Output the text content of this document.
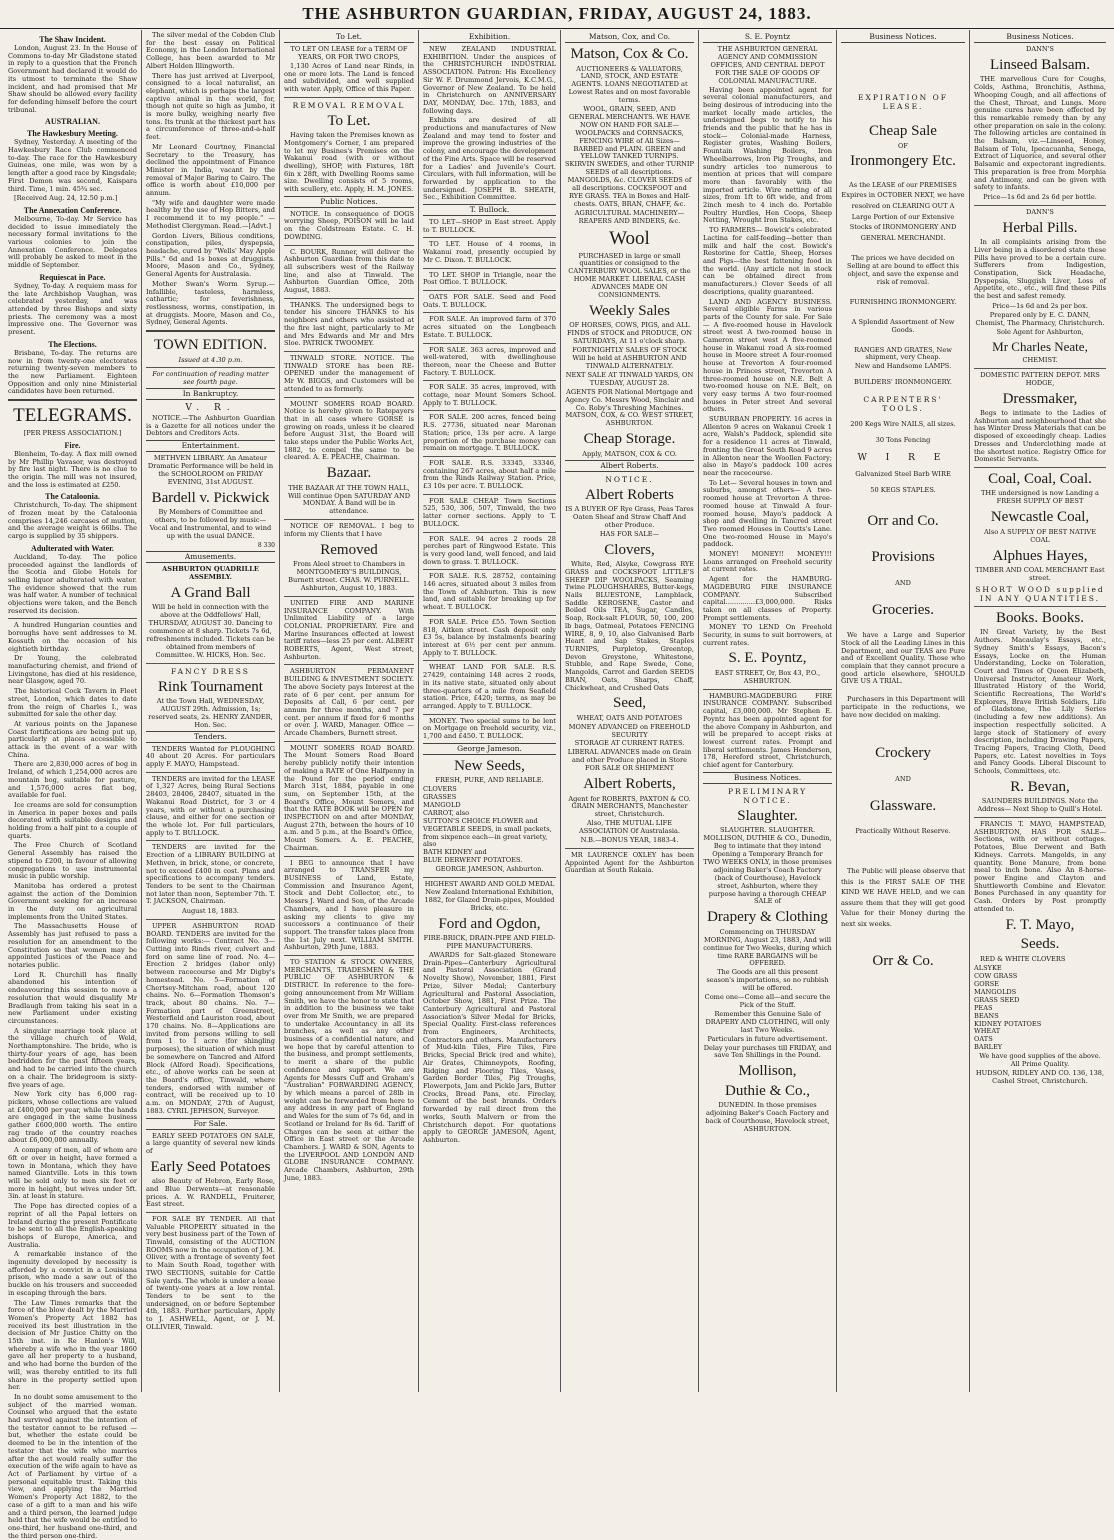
THE ASHBURTON GUARDIAN, FRIDAY, AUGUST 24, 1883.
The Shaw Incident.

London, August 23. In the House of Commons to-day Mr Gladstone stated in reply to a question that the French Government had declared it would do its utmost to terminate the Shaw incident, and had promised that Mr Shaw should be allowed every facility for defending himself before the court tribunal.

AUSTRALIAN.
The Hawkesbury Meeting.

Sydney, Yesterday. A meeting of the Hawkesbury Race Club commenced to-day. The race for the Hawkesbury Guineas, one mile, was won by a length after a good race by Kingsdale; First Demon was second, Kaispara third. Time, 1 min. 45¾ sec.

[Received Aug. 24, 12.50 p.m.]

The Annexation Conference.

Melbourne, To-day. Mr Service has decided to issue immediately the necessary formal invitations to the various colonies to join the Annexation Conference. Delegates will probably be asked to meet in the middle of September.

Requiescat in Pace.

Sydney, To-day. A requiem mass for the late Archbishop Vaughan, was celebrated yesterday, and was attended by three Bishops and sixty priests. The ceremony was a most impressive one. The Governor was present.

The Elections.

Brisbane, To-day. The returns are now in from twenty-one electorates returning twenty-seven members to the new Parliament. Eighteen Opposition and only nine Ministerial candidates have been returned.

TELEGRAMS.

[PER PRESS ASSOCIATION.]

Fire.

Blenheim, To-day. A flax mill owned by Mr Phillip Vavasor, was destroyed by fire last night. There is no clue to the origin. The mill was not insured, and the loss is estimated at £250.

The Cataloonia.

Christchurch, To-day. The shipment of frozen meat by the Cataloonia comprises 14,246 carcases of mutton, and the average weight is 66lbs. The cargo is supplied by 35 shippers.

Adulterated with Water.

Auckland, To-day. The police proceeded against the landlords of the Scotia and Globe Hotels for selling liquor adulterated with water. The evidence showed that the rum was half water. A number of technical objections were taken, and the Bench reserved its decision.

A hundred Hungarian counties and boroughs have sent addresses to M. Kossuth on the occasion of his eightieth birthday.

Dr Young, the celebrated manufacturing chemist, and friend of Livingstone, has died at his residence, near Glasgow, aged 70.

The historical Cock Tavern in Fleet street, London, which dates to date from the reign of Charles I., was submitted for sale the other day.

At various points on the Japanese Coast fortifications are being put up, particularly at places accessible to attack in the event of a war with China.

There are 2,830,000 acres of bog in Ireland, of which 1,254,000 acres are mountain bog, suitable for pasture, and 1,576,000 acres flat bog, available for fuel.

Ice creams are sold for consumption in America in paper boxes and pails decorated with suitable designs and holding from a half pint to a couple of quarts.

The Free Church of Scotland General Assembly has raised the stipend to £200, in favour of allowing congregations to use instrumental music in public worship.

Manitoba has ordered a protest against the action of the Dominion Government seeking for an increase in the duty on agricultural implements from the United States.

The Massachusetts House of Assembly has just refused to pass a resolution for an amendment to the Constitution so that women may be appointed Justices of the Peace and notaries public.

Lord R. Churchill has finally abandoned his intention of endeavouring this session to move a resolution that would disqualify Mr Bradlaugh from taking his seat in a new Parliament under existing circumstances.

A singular marriage took place at the village church of Weld, Northamptonshire. The bride, who is thirty-four years of age, has been bedridden for the past fifteen years, and had to be carried into the church on a chair. The bridegroom is sixty-five years of age.

New York city has 6,000 rag-pickers, whose collections are valued at £400,000 per year, while the hands are engaged in the same business gather £600,000 worth. The entire rag trade of the country reaches about £6,000,000 annually.

A company of men, all of whom are 6ft or over in height, have formed a town in Montana, which they have named Giantville. Lots in this town will be sold only to men six feet or more in height, but wives under 5ft. 3in. at least in stature.

The Pope has directed copies of a reprint of all the Papal letters on Ireland during the present Pontificate to be sent to all the English-speaking bishops of Europe, America, and Australia.

A remarkable instance of the ingenuity developed by necessity is afforded by a convict in a Louisiana prison, who made a saw out of the buckle on his trousers and succeeded in escaping through the bars.

The Law Times remarks that the force of the blow dealt by the Married Women's Property Act 1882 has received its best illustration in the decision of Mr Justice Chitty on the 15th inst. in Re Hanlon's Will, whereby a wife who in the year 1860 gave all her property to a husband, and who had borne the burden of the will, was thereby entitled to its full share in the property settled upon her.

In no doubt some amusement to the subject of the married woman. Counsel who argued that the estate had survived against the intention of the testator cannot to be refused — but, whether the estate could be deemed to be in the intention of the testator that the wife who marries after the act would really suffer the execution of the wife again to have as Act of Parliament by virtue of a personal equitable trust. Taking this view, and applying the Married Women's Property Act 1882, to the case of a gift to a man and his wife and a third person, the learned judge held that the wife would be entitled to one-third, her husband one-third, and the third person one-third.

The silver medal of the Cobden Club for the best essay on Political Economy, in the London International College, has been awarded to Mr Albert Holden Illingworth.

There has just arrived at Liverpool, consigned to a local naturalist, an elephant, which is perhaps the largest captive animal in the world, for, though not quite so high as Jumbo, it is more bulky, weighing nearly five tons. Its trunk at the thickest part has a circumference of three-and-a-half feet.

Mr Leonard Courtney, Financial Secretary to the Treasury, has declined the appointment of Finance Minister in India, vacant by the removal of Major Baring to Cairo. The office is worth about £10,000 per annum.

"My wife and daughter were made healthy by the use of Hop Bitters, and I recommend it to my people." — Methodist Clergyman. Read.—[Advt.]

Gordon Livers, Bilious conditions, constipation, piles, dyspepsia, headache, cured by "Wells' May Apple Pills." 6d and 1s boxes at druggists. Moore, Mason and Co., Sydney, General Agents for Australasia.

Mother Swan's Worm Syrup.—Infallible, tasteless, harmless, cathartic; for feverishness, restlessness, worms, constipation, in at druggists. Moore, Mason and Co., Sydney, General Agents.

TOWN EDITION.

Issued at 4.30 p.m.

For continuation of reading matter see fourth page.

In Bankruptcy.

V. R.

NOTICE.—The Ashburton Guardian is a Gazette for all notices under the Debtors and Creditors Acts.

Entertainment.

METHVEN LIBRARY. An Amateur Dramatic Performance will be held in the SCHOOLROOM on FRIDAY EVENING, 31st AUGUST.

Bardell v. Pickwick

By Members of Committee and others, to be followed by music—Vocal and Instrumental, and to wind up with the usual DANCE.

8 330

Amusements.

ASHBURTON QUADRILLE ASSEMBLY.

A Grand Ball

Will be held in connection with the above at the Oddfellows' Hall, THURSDAY, AUGUST 30. Dancing to commence at 8 sharp. Tickets 7s 6d, refreshments included. Tickets can be obtained from members of Committee. W. HICKS, Hon. Sec.

FANCY DRESS

Rink Tournament

At the Town Hall, WEDNESDAY, AUGUST 29th. Admission, 1s; reserved seats, 2s. HENRY ZANDER, Hon. Sec.

Tenders.

TENDERS Wanted for PLOUGHING 40 about 20 Acres. For particulars apply F. MAYO, Hampstead.

TENDERS are invited for the LEASE of 1,327 Acres, being Rural Sections 28403, 28406, 28407, situated in the Wakanui Road District, for 3 or 4 years, with or without a purchasing clause, and either for one section or the whole lot. For full particulars, apply to T. BULLOCK.

TENDERS are invited for the Erection of a LIBRARY BUILDING at Methven, in brick, stone, or concrete, not to exceed £400 in cost. Plans and specifications to accompany tenders. Tenders to be sent to the Chairman not later than noon, September 7th. T. T. JACKSON, Chairman.

August 18, 1883.

UPPER ASHBURTON ROAD BOARD. TENDERS are invited for the following works:— Contract No. 3—Cutting into Rinds river, culvert and ford on same line of road. No. 4—Erection 2 bridges (labor only) between racecourse and Mr Digby's homestead. No. 5—Formation of Chertsey-Mitcham road, about 120 chains. No. 6—Formation Thomson's track, about 80 chains. No. 7—Formation part of Greenstreet, Westerfield and Lauriston road, about 170 chains. No. 8—Applications are invited from persons willing to sell from 1 to 1 acre (for shingling purposes), the situation of which must be somewhere on Tancred and Alford Block (Alford Road). Specifications, etc., of above works can be seen at the Board's office, Tinwald, where tenders, endorsed with number of contract, will be received up to 10 a.m. on MONDAY, 27th of August, 1883. CYRIL JEPHSON, Surveyor.

For Sale.

EARLY SEED POTATOES ON SALE, a large quantity of several new kinds of

Early Seed Potatoes

also Beauty of Hebron, Early Rose, and Blue Derwents—at reasonable prices. A. W. RANDELL, Fruiterer, East street.

FOR SALE BY TENDER. All that Valuable PROPERTY situated in the very best business part of the Town of Tinwald, consisting of the AUCTION ROOMS now in the occupation of J. M. Oliver, with a frontage of seventy feet to Main South Road, together with TWO SECTIONS, suitable for Cattle Sale yards. The whole is under a lease of twenty-one years at a low rental. Tenders to be sent to the undersigned, on or before September 4th, 1883. Further particulars, Apply to J. ASHWELL, Agent, or J. M. OLLIVIER, Tinwald.

To Let.

TO LET ON LEASE for a TERM OF YEARS, OR FOR TWO CROPS,

1,130 Acres of Land near Rinds, in one or more lots. The Land is fenced and subdivided, and well supplied with water. Apply, Office of this Paper.

REMOVAL REMOVAL

To Let.

Having taken the Premises known as Montgomery's Corner, I am prepared to let my Busines's Premises on the Wakanui road (with or without dwelling), SHOP, with Fixtures, 18ft 6in x 28ft, with Dwelling Rooms same size. Dwelling consists of 5 rooms, with scullery, etc. Apply, H. M. JONES.

Public Notices.

NOTICE. In consequence of DOGS worrying Sheep, POISON will be laid on the Coldstream Estate. C. H. DOWDING.

C. BOURK, Runner, will deliver the Ashburton Guardian from this date to all subscribers west of the Railway line, and also at Tinwald. The Ashburton Guardian Office, 20th August, 1883.

THANKS. The undersigned begs to tender his sincere THANKS to his neighbors and others who assisted at the fire last night, particularly to Mr and Mrs Edwards and Mr and Mrs Sloe. PATRICK TWOOMEY.

TINWALD STORE. NOTICE. The TINWALD STORE has been RE-OPENED under the management of Mr W. BIGGS, and Customers will be attended to as formerly.

MOUNT SOMERS ROAD BOARD. Notice is hereby given to Ratepayers that in all cases where GORSE is growing on roads, unless it be cleared before August 31st, the Board will take steps under the Public Works Act, 1882, to compel the same to be cleared. A. E. PEACHE, Chairman.

Bazaar.

THE BAZAAR AT THE TOWN HALL, Will continue Open SATURDAY AND MONDAY. A Band will be in attendance.

NOTICE OF REMOVAL. I beg to inform my Clients that I have

Removed

From Aleel street to Chambers in MONTGOMERY'S BUILDINGS, Burnett street. CHAS. W. PURNELL. Ashburton, August 10, 1883.

UNITED FIRE AND MARINE INSURANCE COMPANY. With Unlimited Liability of a large COLONIAL PROPRIETARY. Fire and Marine Insurances effected at lowest tariff rates—less 25 per cent. ALBERT ROBERTS, Agent, West street, Ashburton.

ASHBURTON PERMANENT BUILDING & INVESTMENT SOCIETY. The above Society pays Interest at the rate of 6 per cent. per annum for Deposits at Call, 6 per cent. per annum for three months, and 7 per cent. per annum if fixed for 6 months or over. J. WARD, Manager. Office — Arcade Chambers, Burnett street.

MOUNT SOMERS ROAD BOARD. The Mount Somers Road Board hereby publicly notify their intention of making a RATE of One Halfpenny in the Pound for the period ending March 31st, 1884, payable in one sum, on September 15th, at the Board's Office, Mount Somers, and that the RATE BOOK will be OPEN for INSPECTION on and after MONDAY, August 27th, between the hours of 10 a.m. and 5 p.m., at the Board's Office, Mount Somers. A. E. PEACHE, Chairman.

I BEG to announce that I have arranged to TRANSFER my BUSINESS of Land, Estate, Commission and Insurance Agent, Stock and Debt Collector, etc., to Messrs J. Ward and Son, of the Arcade Chambers, and I have pleasure in asking my clients to give my successors a continuance of their support. The transfer takes place from the 1st July next. WILLIAM SMITH. Ashburton, 29th June, 1883.

TO STATION & STOCK OWNERS, MERCHANTS, TRADESMEN & THE PUBLIC OF ASHBURTON & DISTRICT. In reference to the fore-going announcement from Mr William Smith, we have the honor to state that in addition to the business we take over from Mr Smith, we are prepared to undertake Accountancy in all its branches, as well as any other business of a confidential nature, and we hope that by careful attention to the business, and prompt settlements, to merit a share of the public confidence and support. We are Agents for Messrs Cuff and Graham's "Australian" FORWARDING AGENCY, by which means a parcel of 28lb in weight can be forwarded from here to any address in any part of England and Wales for the sum of 7s 6d, and in Scotland or Ireland for 8s 6d. Tariff of Charges can be seen at either the Office in East street or the Arcade Chambers. J. WARD & SON, Agents to the LIVERPOOL AND LONDON AND GLOBE INSURANCE COMPANY. Arcade Chambers, Ashburton, 29th June, 1883.

Exhibition.

NEW ZEALAND INDUSTRIAL EXHIBITION. Under the auspices of the CHRISTCHURCH INDUSTRIAL ASSOCIATION. Patron: His Excellency Sir W. F. Drummond Jervois, K.C.M.G., Governor of New Zealand. To be held in Christchurch on ANNIVERSARY DAY, MONDAY, Dec. 17th, 1883, and following days.

Exhibits are desired of all productions and manufactures of New Zealand and may tend to foster and improve the growing industries of the colony, and encourage the development of the Fine Arts. Space will be reserved for a Ladies' and Juvenile's Court. Circulars, with full information, will be forwarded by application to the undersigned. JOSEPH B. SHEATH, Sec., Exhibition Committee.

T. Bullock.

TO LET—SHOP in East street. Apply to T. BULLOCK.

TO LET. House of 4 rooms, in Wakanui road, presently occupied by Mr C. Dixon. T. BULLOCK.

TO LET. SHOP in Triangle, near the Post Office. T. BULLOCK.

OATS FOR SALE. Seed and Feed Oats. T. BULLOCK.

FOR SALE. An improved farm of 370 acres situated on the Longbeach Estate. T. BULLOCK.

FOR SALE. 363 acres, improved and well-watered, with dwellinghouse thereon, near the Cheese and Butter Factory. T. BULLOCK.

FOR SALE. 35 acres, improved, with cottage, near Mount Somers School. Apply to T. BULLOCK.

FOR SALE. 200 acres, fenced being R.S. 27736, situated near Maronan Station; price, 13s per acre. A large proportion of the purchase money can remain on mortgage. T. BULLOCK.

FOR SALE. R.S. 33345, 33346, containing 267 acres, about half a mile from the Rinds Railway Station. Price, £3 10s per acre. T. BULLOCK.

FOR SALE CHEAP. Town Sections 525, 530, 306, 507, Tinwald, the two latter corner sections. Apply to T. BULLOCK.

FOR SALE. 94 acres 2 roods 28 perches part of Ringwood Estate. This is very good land, well fenced, and laid down to grass. T. BULLOCK.

FOR SALE. R.S. 28752, containing 146 acres, situated about 3 miles from the Town of Ashburton. This is new land, and suitable for breaking up for wheat. T. BULLOCK.

FOR SALE. Price £55. Town Section 818, Aitken street. Cash deposit only £3 5s, balance by instalments bearing interest at 6½ per cent per annum. Apply to T. BULLOCK.

WHEAT LAND FOR SALE. R.S. 27429, containing 148 acres 2 roods, in its native state, situated only about three-quarters of a mile from Seafield station. Price, £420; terms, as may be arranged. Apply to T. BULLOCK.

MONEY. Two special sums to be lent on Mortgage on freehold security, viz., 1,700 and £450. T. BULLOCK.

George Jameson.
New Seeds,

FRESH, PURE, AND RELIABLE.

CLOVERS
GRASSES
MANGOLD
CARROT, also
SUTTON'S CHOICE FLOWER and VEGETABLE SEEDS, in small packets, from sixpence each—in great variety, also
BATH KIDNEY and
BLUE DERWENT POTATOES.

GEORGE JAMESON, Ashburton.

HIGHEST AWARD AND GOLD MEDAL New Zealand International Exhibition, 1882, for Glazed Drain-pipes, Moulded Bricks, etc.

Ford and Ogdon,

FIRE-BRICK, DRAIN-PIPE AND FIELD-PIPE MANUFACTURERS.

AWARDS for Salt-glazed Stoneware Drain-Pipes—Canterbury Agricultural and Pastoral Association (Grand Novelty Show), November, 1881, First Prize, Silver Medal; Canterbury Agricultural and Pastoral Association, October Show, 1881, First Prize. The Canterbury Agricultural and Pastoral Association's Silver Medal for Bricks, Special Quality. First-class references from Engineers, Architects, Contractors and others. Manufacturers of Mud-kiln Tiles, Fire Tiles, Fire Bricks, Special Brick (red and white), Air Grates, Chimneypots, Roofing, Ridging and Flooring Tiles, Vases, Garden Border Tiles, Pig Troughs, Flowerpots, Jam and Pickle Jars, Butter Crocks, Bread Pans, etc. Fireclay, Cement of the best brands. Orders forwarded by rail direct from the works, South Malvern or from the Christchurch depot. For quotations apply to GEORGE JAMESON, Agent, Ashburton.

Matson, Cox, and Co.
Matson, Cox & Co.

AUCTIONEERS & VALUATORS, LAND, STOCK, AND ESTATE AGENTS. LOANS NEGOTIATED at Lowest Rates and on most favorable terms.

WOOL, GRAIN, SEED, AND GENERAL MERCHANTS. WE HAVE NOW ON HAND FOR SALE—WOOLPACKS and CORNSACKS, FENCING WIRE of All Sizes—BARBED and PLAIN. GREEN and YELLOW TANKED TURNIPS. SKIRVIN SWEDES, and other TURNIP SEEDS of all descriptions. MANGOLDS, &c. CLOVER SEEDS of all descriptions. COCKSFOOT and RYE GRASS. TEA in Boxes and Half-chests. OATS, BRAN, CHAFF, &c.

AGRICULTURAL MACHINERY—REAPERS AND BINDERS, &c.

Wool

PURCHASED in large or small quantities or consigned to the CANTERBURY WOOL SALES, or the HOME MARKET. LIBERAL CASH ADVANCES MADE ON CONSIGNMENTS.

Weekly Sales

OF HORSES, COWS, PIGS, and ALL FINDS of STOCK and PRODUCE, ON SATURDAYS, At 11 o'clock sharp.

FORTNIGHTLY SALES OF STOCK Will be held at ASHBURTON AND TINWALD ALTERNATELY.

NEXT SALE AT TINWALD YARDS, ON TUESDAY, AUGUST 28.

AGENTS FOR National Mortgage and Agency Co. Messrs Wood, Sinclair and Co. Roby's Threshing Machines. MATSON, COX, & CO. WEST STREET, ASHBURTON.

Cheap Storage.

Apply, MATSON, COX & CO.

Albert Roberts.

NOTICE.

Albert Roberts

IS A BUYER OF Rye Grass, Peas Tares Oaten Sheaf and Straw Chaff And other Produce.

HAS FOR SALE—

Clovers,

White, Red, Alsyke, Cowgrass RYE GRASS and COCKSFOOT LITTLE'S SHEEP DIP WOOLPACKS, Seaming Twine PLOUGHSHARES, Butter-kegs, Nails BLUESTONE, Lampblack, Saddle KEROSENE, Castor and Boiled Oils TEA, Sugar, Candles, Soap, Rock-salt FLOUR, 50, 100, 200 lb bags, Oatmeal, Potatoes FENCING WIRE, 8, 9, 10, also Galvanised Barb Heart and Sap Stakes, Staples TURNIPS, Purpletop, Greentop, Devon Greystone, Whitestone, Stubble, and Rape Swede, Cone, Mangolds, Carrot and Garden SEEDS BRAN, Oats, Sharps, Chaff, Chickwheat, and Crushed Oats

Seed,

WHEAT, OATS AND POTATOES

MONEY ADVANCED on FREEHOLD SECURITY

STORAGE AT CURRENT RATES.

LIBERAL ADVANCES made on Grain and other Produce placed in Store FOR SALE OR SHIPMENT

Albert Roberts,

Agent for ROBERTS, PAXTON & CO. GRAIN MERCHANTS, Manchester street, Christchurch.

Also, THE MUTUAL LIFE ASSOCIATION Of Australasia.

N.B.—BONUS YEAR, 1883-4.

MR LAURENCE OXLEY has been Appointed Agent for the Ashburton Guardian at South Rakaia.

S. E. Poyntz

THE ASHBURTON GENERAL AGENCY AND COMMISSION OFFICES, AND CENTRAL DEPOT FOR THE SALE OF GOODS OF COLONIAL MANUFACTURE.

Having been appointed agent for several colonial manufacturers, and being desirous of introducing into the market locally made articles, the undersigned begs to notify to his friends and the public that he has in stock— Colonial-made Harness, Register grates, Washing Boilers, Fountain Washing Boilers, Iron Wheelbarrows, Iron Pig Troughs, and sundry articles too numerous to mention at prices that will compare more than favorably with the imported article. Wire netting of all sizes, from 1ft to 6ft wide, and from 2inch mesh to 4 inch do. Portable Poultry Hurdles, Hen Coops, Sheep Netting, Wrought Iron Stakes, etc.

TO FARMERS— Bowick's celebrated Lactina for calf-feeding—better than milk and half the cost. Bowick's Restorine for Cattle, Sheep, Horses and Pigs—the best fattening food in the world. (Any article not in stock can be obtained direct from manufacturers.) Clover Seeds of all descriptions, quality guaranteed.

LAND AND AGENCY BUSINESS. Several eligible Farms in various parts of the County for sale. For Sale— A five-roomed house in Havelock street west A two-roomed house in Cameron street west A five-roomed house in Wakanui road A six-roomed house in Moore street A four-roomed house at Trevorton A four-roomed house in Princes street, Trevorton A three-roomed house on N.E. Belt A two-roomed house on N.E. Belt, on very easy terms A two four-roomed houses in Peter street And several others.

SUBURBAN PROPERTY. 16 acres in Allenton 9 acres on Wakanui Creek 1 acre, Walsh's Paddock, splendid site for a residence 11 acres at Tinwald, fronting the Great South Road 9 acres in Allenton near the Woollen Factory; also in Mayo's paddock 100 acres near the racecourse.

To Let— Several houses in town and suburbs, amongst others— A two-roomed house at Trevorton A three-roomed house at Tinwald A four-roomed house, Mayo's paddock A shop and dwelling in Tancred street Two roomed Houses in Coutts's Lane. One two-roomed House in Mayo's paddock.

MONEY! MONEY!! MONEY!!! Loans arranged on Freehold security at current rates.

Agent for the HAMBURG-MAGDEBURG FIRE INSURANCE COMPANY. Subscribed capital..............£3,000,000. Risks taken on all classes of Property. Prompt settlements.

MONEY TO LEND On Freehold Security, in sums to suit borrowers, at current rates.

S. E. Poyntz,

EAST STREET, Or, Box 43, P.O., ASHBURTON.

HAMBURG-MAGDEBURG FIRE INSURANCE COMPANY. Subscribed capital, £3,000,000. Mr Stephen E. Poyntz has been appointed agent for the above Company in Ashburton, and will be prepared to accept risks at lowest current rates. Prompt and liberal settlements. James Henderson, 178, Hereford street, Christchurch, chief agent for Canterbury.

Business Notices.

PRELIMINARY NOTICE.

Slaughter.

SLAUGHTER. SLAUGHTER. MOLLISON, DUTHIE & CO., Dunedin, Beg to intimate that they intend Opening a Temporary Branch for TWO WEEKS ONLY, in those premises adjoining Baker's Coach Factory (back of Courthouse), Havelock street, Ashburton, where they purpose having a thorough CHEAP SALE of

Drapery & Clothing

Commencing on THURSDAY MORNING, August 23, 1883, And will continue for Two Weeks, during which time RARE BARGAINS will be OFFERED.

The Goods are all this present season's importations, so no rubbish will be offered.

Come one—Come all—and secure the Pick of the Stuff.

Remember this Genuine Sale of DRAPERY AND CLOTHING, will only last Two Weeks.

Particulars in future advertisement.

Delay your purchases till FRIDAY, and save Ten Shillings in the Pound.

Mollison,
Duthie & Co.,

DUNEDIN. In those premises adjoining Baker's Coach Factory and back of Courthouse, Havelock street, ASHBURTON.

Business Notices.

EXPIRATION OF LEASE.

Cheap Sale

OF

Ironmongery Etc.

As the LEASE of our PREMISES Expires in OCTOBER NEXT, we have resolved on CLEARING OUT A Large Portion of our Extensive Stocks of IRONMONGERY AND GENERAL MERCHANDI.

The prices we have decided on Selling at are bound to effect this object, and save the expense and risk of removal.

FURNISHING IRONMONGERY.

A Splendid Assortment of New Goods.

RANGES AND GRATES, New shipment, very Cheap.

New and Handsome LAMPS.

BUILDERS' IRONMONGERY.

CARPENTERS' TOOLS.

200 Kegs Wire NAILS, all sizes.

30 Tons Fencing

W I R E

Galvanized Steel Barb WIRE

50 KEGS STAPLES.

Orr and Co.
Provisions

AND

Groceries.

We have a Large and Superior Stock of all the Leading Lines in this Department, and our TEAS are Pure and of Excellent Quality. Those who complain that they cannot procure a good article elsewhere, SHOULD GIVE US A TRIAL.

Purchasers in this Department will participate in the reductions, we have now decided on making.

Crockery

AND

Glassware.

Practically Without Reserve.

The Public will please observe that this is the FIRST SALE OF THE KIND WE HAVE HELD, and we can assure them that they will get good Value for their Money during the next six weeks.

Orr & Co.
Business Notices.

DANN'S

Linseed Balsam.

THE marvellous Cure for Coughs, Colds, Asthma, Bronchitis, Asthma, Whooping Cough, and all affections of the Chest, Throat, and Lungs. More genuine cures have been effected by this remarkable remedy than by any other preparation on sale in the colony. The following articles are contained in the Balsam, viz.—Linseed, Honey, Balsam of Tolu, Ipecacuanha, Senega, Extract of Liquorice, and several other Balsamic and expectorant ingredients. This preparation is free from Morphia and Antimony, and can be given with safety to infants.

Price—1s 6d and 2s 6d per bottle.

DANN'S

Herbal Pills.

In all complaints arising from the Liver being in a disordered state these Pills have proved to be a certain cure. Sufferers from Indigestion, Constipation, Sick Headache, Dyspepsia, Sluggish Liver, Loss of Appetite, etc., etc., will find these Pills the best and safest remedy.

Price—1s 6d and 2s per box.

Prepared only by E. C. DANN, Chemist, The Pharmacy, Christchurch.

Sole Agent for Ashburton,

Mr Charles Neate,

CHEMIST.

DOMESTIC PATTERN DEPOT. MRS HODGE,

Dressmaker,

Begs to intimate to the Ladies of Ashburton and neighbourhood that she has Winter Dress Materials that can be disposed of exceedingly cheap. Ladies Dresses and Underclothing made at the shortest notice. Registry Office for Domestic Servants.

Coal, Coal, Coal.

THE undersigned is now Landing a FRESH SUPPLY OF BEST

Newcastle Coal,

Also A SUPPLY OF BEST NATIVE COAL

Alphues Hayes,

TIMBER AND COAL MERCHANT East street.

SHORT WOOD supplied IN ANY QUANTITIES.

Books. Books.

IN Great Variety, by the Best Authors. Macaulay's Essays, etc., Sydney Smith's Essays, Bacon's Essays, Locke on the Human Understanding, Locke on Toleration, Court and Times of Queen Elizabeth, Universal Instructor, Amateur Work, Illustrated History of the World, Scientific Recreations, The World's Explorers, Brave British Soldiers, Life of Gladstone, The Lily Series (including a few new additions). An inspection respectfully solicited. A large stock of Stationery of every description, including Drawing Papers, Tracing Papers, Tracing Cloth, Deed Papers, etc. Latest novelties in Toys and Fancy Goods. Liberal Discount to Schools, Committees, etc.

R. Bevan,

SAUNDERS BUILDINGS. Note the Address— Next Shop to Quill's Hotel.

FRANCIS T. MAYO, HAMPSTEAD, ASHBURTON, HAS FOR SALE— Sections, with or without cottages. Potatoes, Blue Derwent and Bath Kidneys. Carrots. Mangolds, in any quantity. Bone Manure, from bone meal to inch bone. Also An 8-horse-power Engine and Clayton and Shuttleworth Combine and Elevator. Bones Purchased in any quantity for Cash. Orders by Post promptly attended to.

F. T. Mayo,
Seeds.

RED & WHITE CLOVERS

ALSYKE
COW GRASS
GORSE
MANGOLDS
GRASS SEED
PEAS
BEANS
KIDNEY POTATOES
WHEAT
OATS
BARLEY

We have good supplies of the above. All Prime Quality.

HUDSON, RIDLEY AND CO. 136, 138, Cashel Street, Christchurch.
